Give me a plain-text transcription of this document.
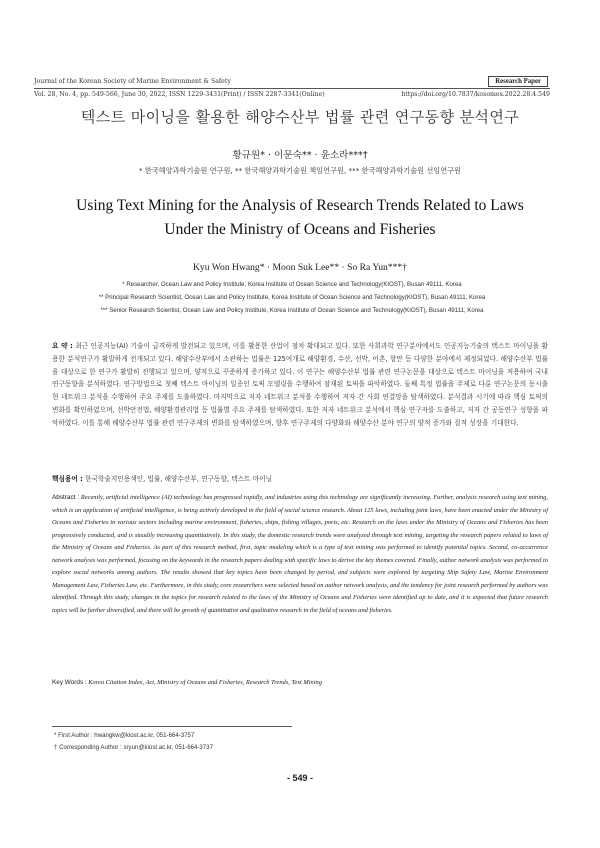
Journal of the Korean Society of Marine Environment & Safety	Research Paper
Vol. 28, No. 4, pp. 549-566, June 30, 2022, ISSN 1229-3431(Print) / ISSN 2287-3341(Online)	https://doi.org/10.7837/kosomes.2022.28.4.549
텍스트 마이닝을 활용한 해양수산부 법률 관련 연구동향 분석연구
황규원* · 이문숙** · 윤소라***†
* 한국해양과학기술원 연구원, ** 한국해양과학기술원 책임연구원, *** 한국해양과학기술원 선임연구원
Using Text Mining for the Analysis of Research Trends Related to Laws
Under the Ministry of Oceans and Fisheries
Kyu Won Hwang* · Moon Suk Lee** · So Ra Yun***†
* Researcher, Ocean Law and Policy Institute, Korea Institute of Ocean Science and Technology(KIOST), Busan 49111, Korea
** Principal Research Scientist, Ocean Law and Policy Institute, Korea Institute of Ocean Science and Technology(KIOST), Busan 49111, Korea
*** Senior Research Scientist, Ocean Law and Policy Institute, Korea Institute of Ocean Science and Technology(KIOST), Busan 49111, Korea
요 약 : 최근 인공지능(AI) 기술이 급격하게 발전되고 있으며, 이를 활용한 산업이 점차 확대되고 있다. 또한 사회과학 연구분야에서도 인공지능기술의 텍스트 마이닝을 활용한 분석연구가 활발하게 전개되고 있다. 해양수산부에서 소관하는 법률은 125여개로 해양환경, 수산, 선박, 어촌, 항만 등 다양한 분야에서 제정되었다. 해양수산부 법률을 대상으로 한 연구가 활발히 진행되고 있으며, 양적으로 꾸준하게 증가하고 있다. 이 연구는 해양수산부 법률 관련 연구논문을 대상으로 텍스트 마이닝을 적용하여 국내 연구동향을 분석하였다. 연구방법으로 첫째 텍스트 마이닝의 일종인 토픽 모델링을 수행하여 잠재된 토픽을 파악하였다. 둘째 특정 법률을 주제로 다룬 연구논문의 동시출현 네트워크 분석을 수행하여 주요 주제를 도출하였다. 마지막으로 저자 네트워크 분석을 수행하여 저자 간 사회 연결망을 탐색하였다. 분석결과 시기에 따라 핵심 토픽의 변화를 확인하였으며, 선박안전법, 해양환경관리법 등 법률별 주요 주제를 탐색하였다. 또한 저자 네트워크 분석에서 핵심 연구자를 도출하고, 저자 간 공동연구 성향을 파악하였다. 이를 통해 해양수산부 법률 관련 연구주제의 변화를 탐색하였으며, 향후 연구주제의 다양화와 해양수산 분야 연구의 양적 증가와 질적 성장을 기대한다.
핵심용어 : 한국학술지인용색인, 법률, 해양수산부, 연구동향, 텍스트 마이닝
Abstract : Recently, artificial intelligence (AI) technology has progressed rapidly, and industries using this technology are significantly increasing. Further, analysis research using text mining, which is an application of artificial intelligence, is being actively developed in the field of social science research. About 125 laws, including joint laws, have been enacted under the Ministry of Oceans and Fisheries in various sectors including marine environment, fisheries, ships, fishing villages, ports, etc. Research on the laws under the Ministry of Oceans and Fisheries has been progressively conducted, and is steadily increasing quantitatively. In this study, the domestic research trends were analyzed through text mining, targeting the research papers related to laws of the Ministry of Oceans and Fisheries. As part of this research method, first, topic modeling which is a type of text mining was performed to identify potential topics. Second, co-occurrence network analysis was performed, focusing on the keywords in the research papers dealing with specific laws to derive the key themes covered. Finally, author network analysis was performed to explore social networks among authors. The results showed that key topics have been changed by period, and subjects were explored by targeting Ship Safety Law, Marine Environment Management Law, Fisheries Law, etc. Furthermore, in this study, core researchers were selected based on author network analysis, and the tendency for joint research performed by authors was identified. Through this study, changes in the topics for research related to the laws of the Ministry of Oceans and Fisheries were identified up to date, and it is expected that future research topics will be further diversified, and there will be growth of quantitative and qualitative research in the field of oceans and fisheries.
Key Words : Korea Citation Index, Act, Ministry of Oceans and Fisheries, Research Trends, Text Mining
* First Author : hwangkw@kiost.ac.kr, 051-664-3757
† Corresponding Author : sryun@kiost.ac.kr, 051-664-3737
- 549 -
